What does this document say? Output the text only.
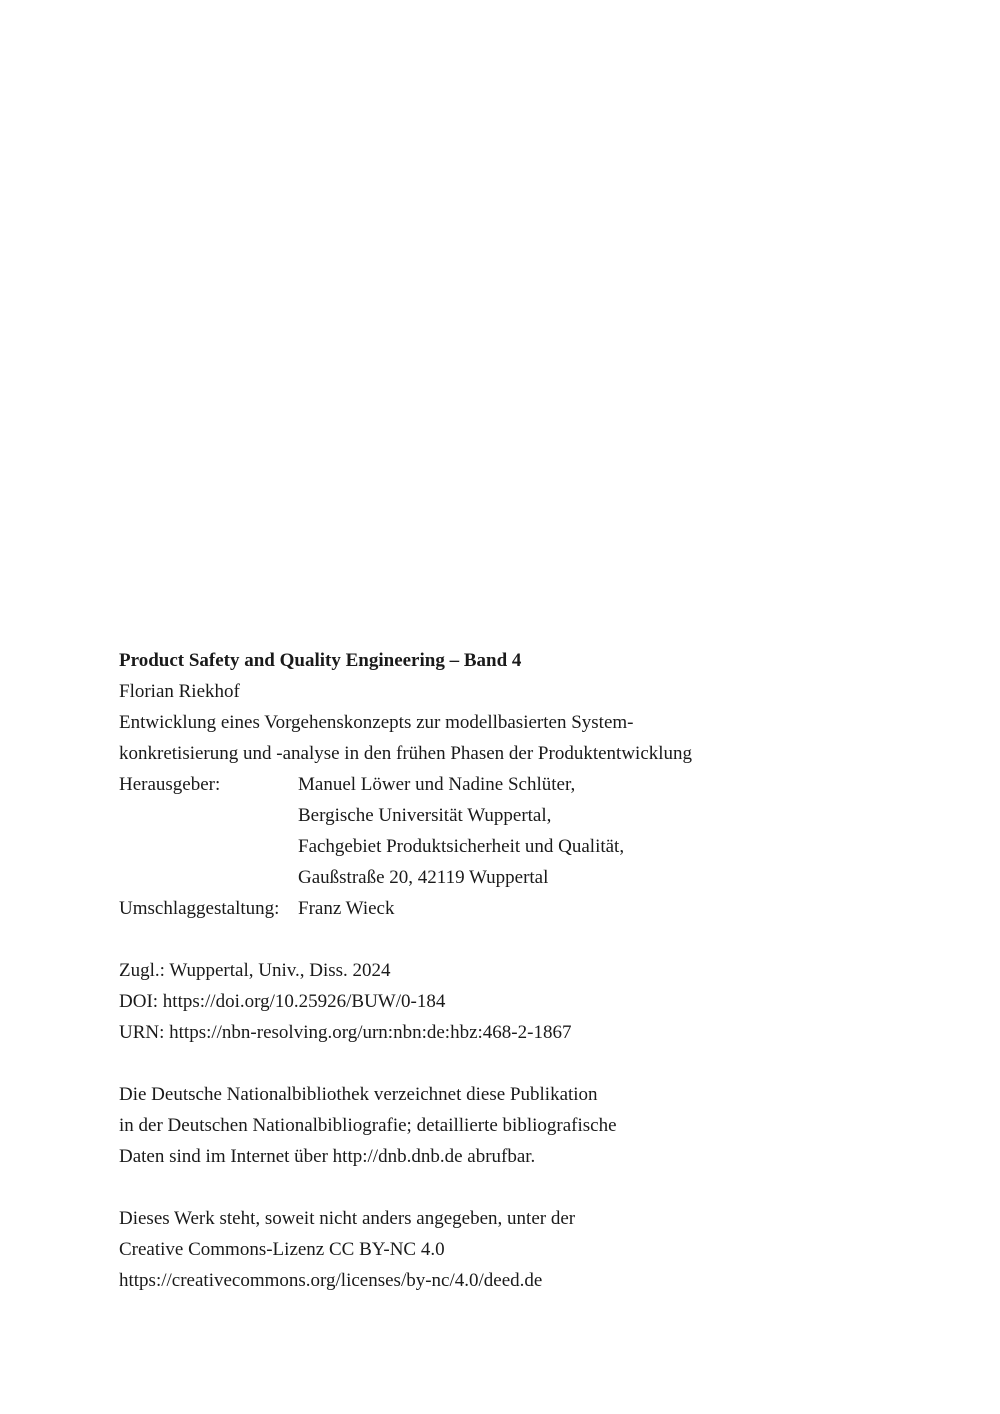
Product Safety and Quality Engineering – Band 4
Florian Riekhof
Entwicklung eines Vorgehenskonzepts zur modellbasierten System-
konkretisierung und -analyse in den frühen Phasen der Produktentwicklung
Herausgeber:	Manuel Löwer und Nadine Schlüter,
Bergische Universität Wuppertal,
Fachgebiet Produktsicherheit und Qualität,
Gaußstraße 20, 42119 Wuppertal
Umschlaggestaltung: Franz Wieck
Zugl.: Wuppertal, Univ., Diss. 2024
DOI: https://doi.org/10.25926/BUW/0-184
URN: https://nbn-resolving.org/urn:nbn:de:hbz:468-2-1867
Die Deutsche Nationalbibliothek verzeichnet diese Publikation
in der Deutschen Nationalbibliografie; detaillierte bibliografische
Daten sind im Internet über http://dnb.dnb.de abrufbar.
Dieses Werk steht, soweit nicht anders angegeben, unter der
Creative Commons-Lizenz CC BY-NC 4.0
https://creativecommons.org/licenses/by-nc/4.0/deed.de
